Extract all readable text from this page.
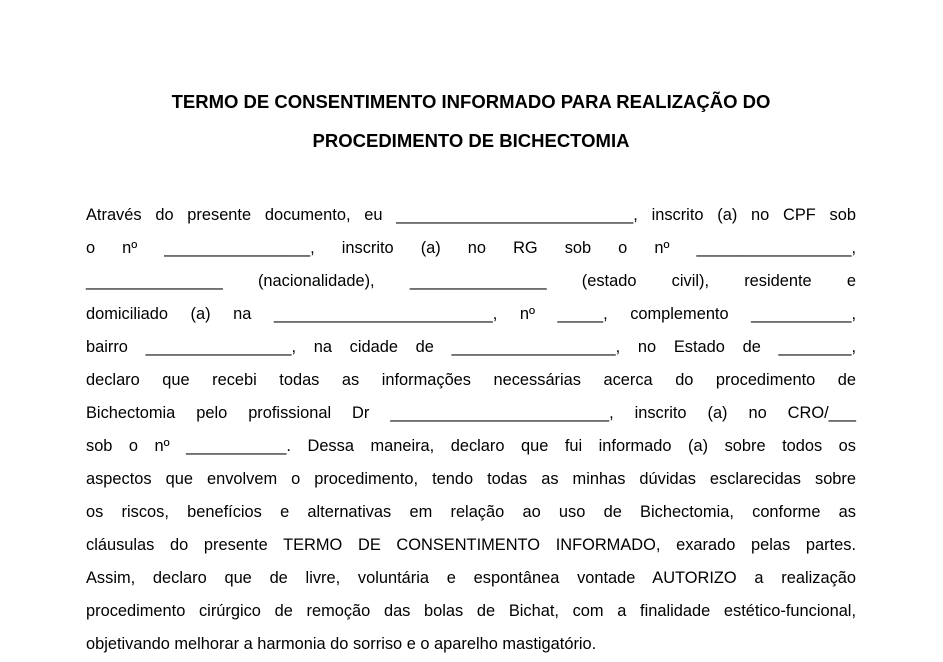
TERMO DE CONSENTIMENTO INFORMADO PARA REALIZAÇÃO DO
PROCEDIMENTO DE BICHECTOMIA
Através do presente documento, eu __________________________, inscrito (a) no CPF sob
o nº ________________, inscrito (a) no RG sob o nº _________________,
_______________ (nacionalidade), _______________ (estado civil), residente e
domiciliado (a) na ________________________, nº _____, complemento ___________,
bairro ________________, na cidade de __________________, no Estado de ________,
declaro que recebi todas as informações necessárias acerca do procedimento de
Bichectomia pelo profissional Dr ________________________, inscrito (a) no CRO/___
sob o nº ___________. Dessa maneira, declaro que fui informado (a) sobre todos os
aspectos que envolvem o procedimento, tendo todas as minhas dúvidas esclarecidas sobre
os riscos, benefícios e alternativas em relação ao uso de Bichectomia, conforme as
cláusulas do presente TERMO DE CONSENTIMENTO INFORMADO, exarado pelas partes.
Assim, declaro que de livre, voluntária e espontânea vontade AUTORIZO a realização
procedimento cirúrgico de remoção das bolas de Bichat, com a finalidade estético-funcional,
objetivando melhorar a harmonia do sorriso e o aparelho mastigatório.
